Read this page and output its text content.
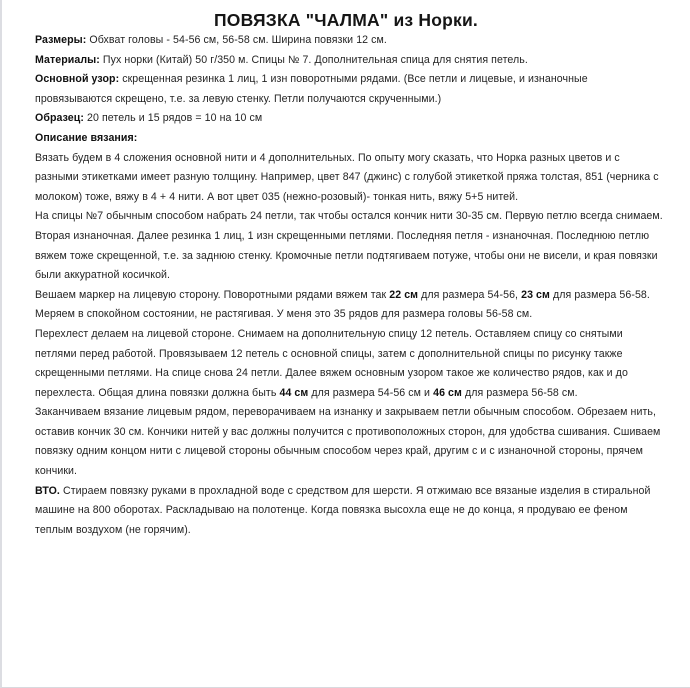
ПОВЯЗКА "ЧАЛМА" из Норки.

Размеры: Обхват головы - 54-56 см, 56-58 см. Ширина повязки 12 см.

Материалы: Пух норки (Китай) 50 г/350 м. Спицы № 7. Дополнительная спица для снятия петель.

Основной узор: скрещенная резинка 1 лиц, 1 изн поворотными рядами. (Все петли и лицевые, и изнаночные провязываются скрещено, т.е. за левую стенку. Петли получаются скрученными.)

Образец: 20 петель и 15 рядов = 10 на 10 см

Описание вязания:

Вязать будем в 4 сложения основной нити и 4 дополнительных. По опыту могу сказать, что Норка разных цветов и с разными этикетками имеет разную толщину. Например, цвет 847 (джинс) с голубой этикеткой пряжа толстая, 851 (черника с молоком) тоже, вяжу в 4 + 4 нити. А вот цвет 035 (нежно-розовый)- тонкая нить, вяжу 5+5 нитей.

На спицы №7 обычным способом набрать 24 петли, так чтобы остался кончик нити 30-35 см. Первую петлю всегда снимаем. Вторая изнаночная. Далее резинка 1 лиц, 1 изн скрещенными петлями. Последняя петля - изнаночная. Последнюю петлю вяжем тоже скрещенной, т.е. за заднюю стенку. Кромочные петли подтягиваем потуже, чтобы они не висели, и края повязки были аккуратной косичкой.

Вешаем маркер на лицевую сторону. Поворотными рядами вяжем так 22 см для размера 54-56, 23 см для размера 56-58. Меряем в спокойном состоянии, не растягивая. У меня это 35 рядов для размера головы 56-58 см.

Перехлест делаем на лицевой стороне. Снимаем на дополнительную спицу 12 петель. Оставляем спицу со снятыми петлями перед работой. Провязываем 12 петель с основной спицы, затем с дополнительной спицы по рисунку также скрещенными петлями. На спице снова 24 петли. Далее вяжем основным узором такое же количество рядов, как и до перехлеста. Общая длина повязки должна быть 44 см для размера 54-56 см и 46 см для размера 56-58 см.

Заканчиваем вязание лицевым рядом, переворачиваем на изнанку и закрываем петли обычным способом. Обрезаем нить, оставив кончик 30 см. Кончики нитей у вас должны получится с противоположных сторон, для удобства сшивания. Сшиваем повязку одним концом нити с лицевой стороны обычным способом через край, другим с и с изнаночной стороны, прячем кончики.

ВТО. Стираем повязку руками в прохладной воде с средством для шерсти. Я отжимаю все вязаные изделия в стиральной машине на 800 оборотах. Раскладываю на полотенце. Когда повязка высохла еще не до конца, я продуваю ее феном теплым воздухом (не горячим).
